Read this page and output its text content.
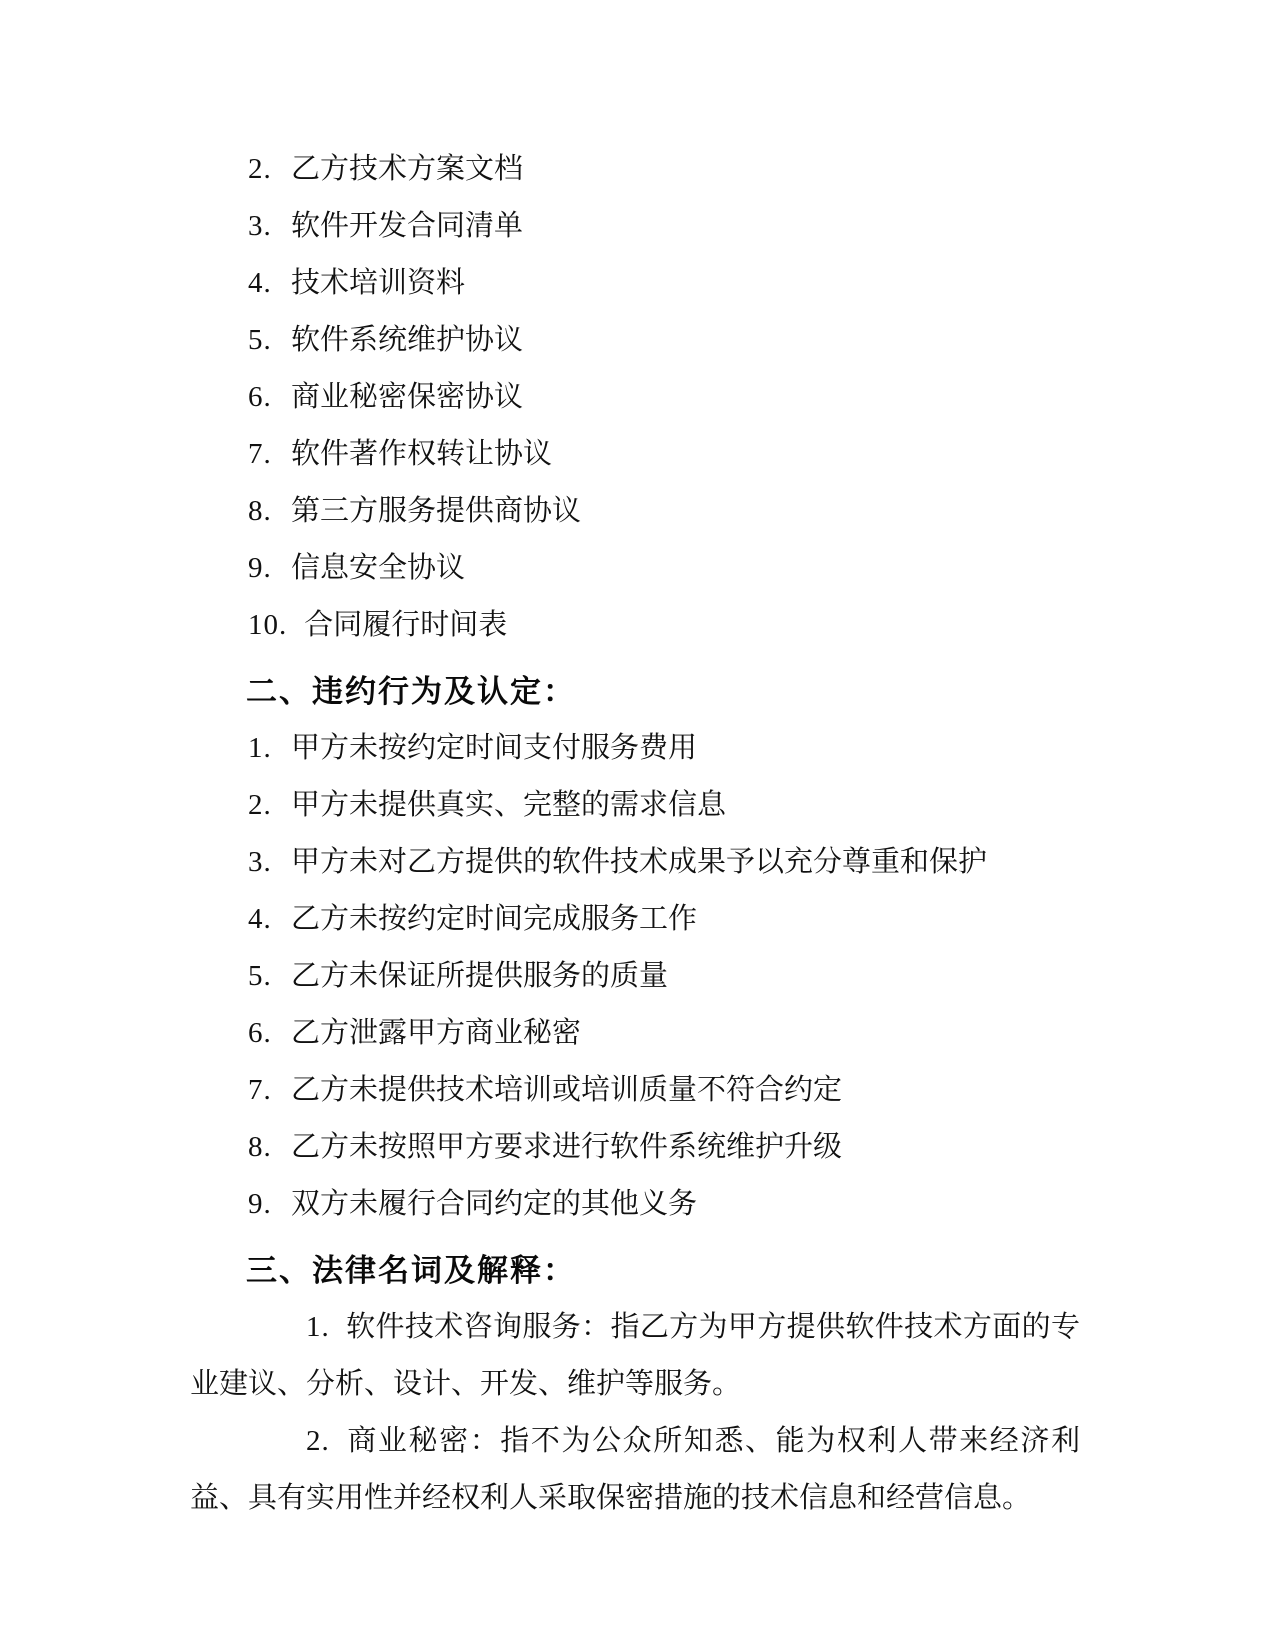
2. 乙方技术方案文档
3. 软件开发合同清单
4. 技术培训资料
5. 软件系统维护协议
6. 商业秘密保密协议
7. 软件著作权转让协议
8. 第三方服务提供商协议
9. 信息安全协议
10. 合同履行时间表
二、违约行为及认定：
1. 甲方未按约定时间支付服务费用
2. 甲方未提供真实、完整的需求信息
3. 甲方未对乙方提供的软件技术成果予以充分尊重和保护
4. 乙方未按约定时间完成服务工作
5. 乙方未保证所提供服务的质量
6. 乙方泄露甲方商业秘密
7. 乙方未提供技术培训或培训质量不符合约定
8. 乙方未按照甲方要求进行软件系统维护升级
9. 双方未履行合同约定的其他义务
三、法律名词及解释：

1. 软件技术咨询服务：指乙方为甲方提供软件技术方面的专业建议、分析、设计、开发、维护等服务。

2. 商业秘密：指不为公众所知悉、能为权利人带来经济利益、具有实用性并经权利人采取保密措施的技术信息和经营信息。
